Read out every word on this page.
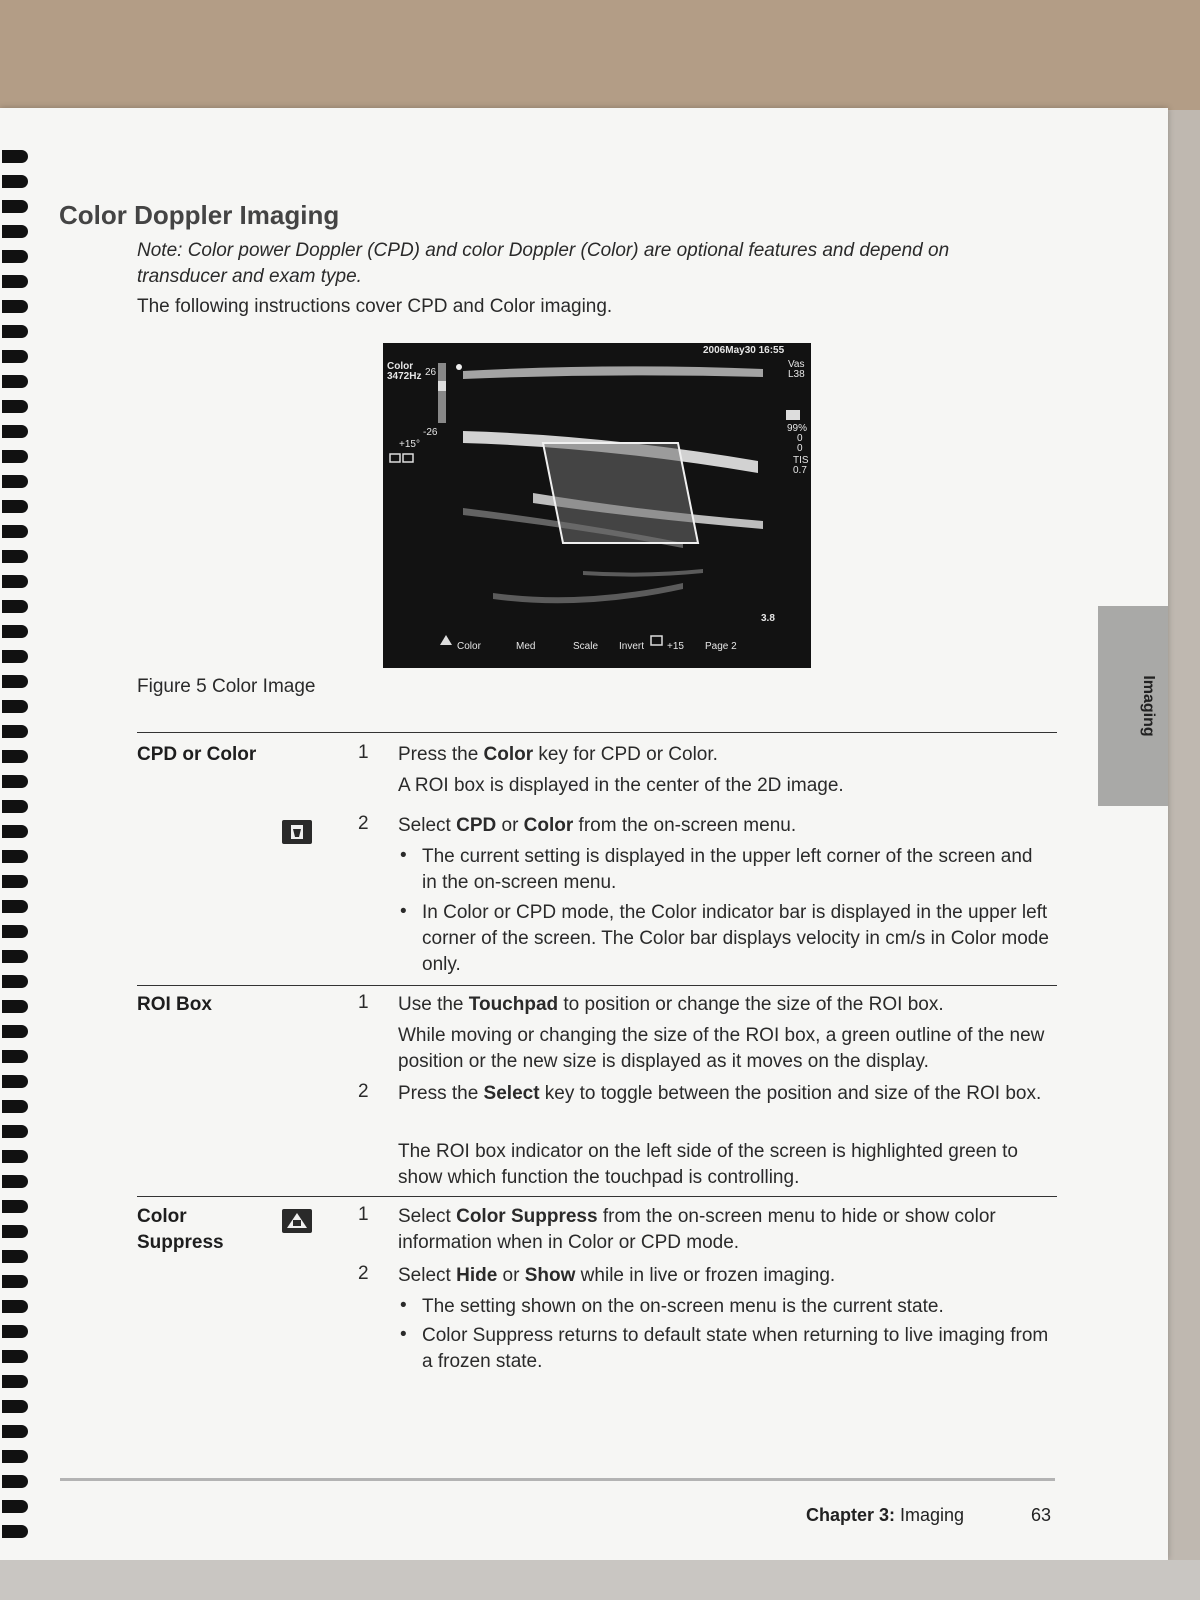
Color Doppler Imaging

Note: Color power Doppler (CPD) and color Doppler (Color) are optional features and depend on transducer and exam type.

The following instructions cover CPD and Color imaging.

2006May30 16:55
Color
3472Hz 26
-26
+15°
Vas
L38
99%
0
0
TIS
0.7
3.8
Color	Med	Scale Invert +15 Page 2

Figure 5 Color Image

CPD or Color	1 Press the Color key for CPD or Color.

A ROI box is displayed in the center of the 2D image.

2 Select CPD or Color from the on-screen menu.

• The current setting is displayed in the upper left corner of the screen and in the on-screen menu.

• In Color or CPD mode, the Color indicator bar is displayed in the upper left corner of the screen. The Color bar displays velocity in cm/s in Color mode only.

ROI Box	1 Use the Touchpad to position or change the size of the ROI box.

While moving or changing the size of the ROI box, a green outline of the new position or the new size is displayed as it moves on the display.

2 Press the Select key to toggle between the position and size of the ROI box.

The ROI box indicator on the left side of the screen is highlighted green to show which function the touchpad is controlling.

Color
Suppress
1 Select Color Suppress from the on-screen menu to hide or show color information when in Color or CPD mode.

2 Select Hide or Show while in live or frozen imaging.

• The setting shown on the on-screen menu is the current state.

• Color Suppress returns to default state when returning to live imaging from a frozen state.

Imaging
Chapter 3: Imaging	63
